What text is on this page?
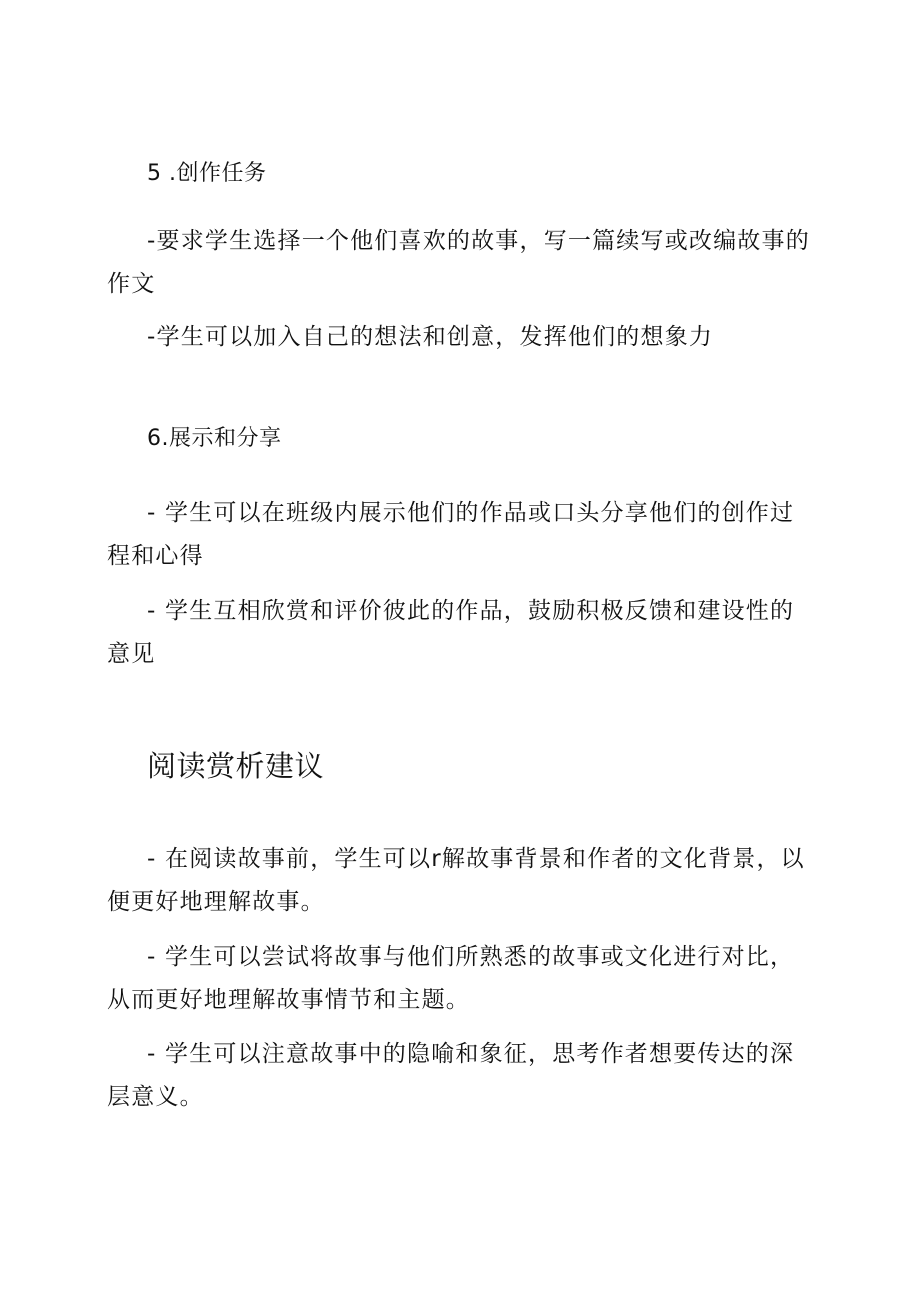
5 .创作任务

-要求学生选择一个他们喜欢的故事，写一篇续写或改编故事的作文

-学生可以加入自己的想法和创意，发挥他们的想象力

6.展示和分享

- 学生可以在班级内展示他们的作品或口头分享他们的创作过程和心得

- 学生互相欣赏和评价彼此的作品，鼓励积极反馈和建设性的意见

阅读赏析建议

- 在阅读故事前，学生可以r解故事背景和作者的文化背景，以便更好地理解故事。

- 学生可以尝试将故事与他们所熟悉的故事或文化进行对比，从而更好地理解故事情节和主题。

- 学生可以注意故事中的隐喻和象征，思考作者想要传达的深层意义。
